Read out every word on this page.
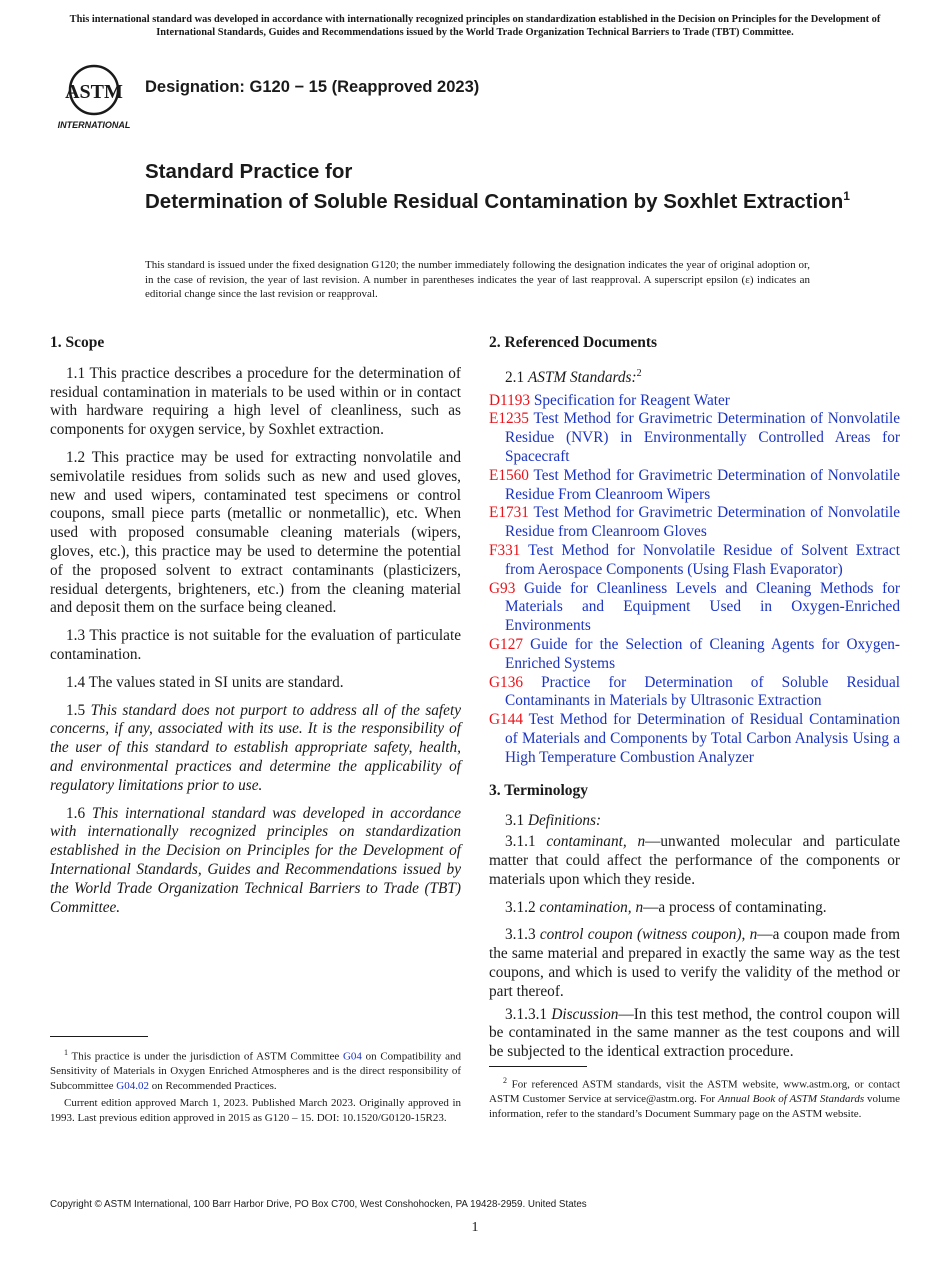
This international standard was developed in accordance with internationally recognized principles on standardization established in the Decision on Principles for the Development of International Standards, Guides and Recommendations issued by the World Trade Organization Technical Barriers to Trade (TBT) Committee.
ASTM
INTERNATIONAL
Designation: G120 − 15 (Reapproved 2023)
Standard Practice for
Determination of Soluble Residual Contamination by Soxhlet Extraction$^1$
This standard is issued under the fixed designation G120; the number immediately following the designation indicates the year of original adoption or, in the case of revision, the year of last revision. A number in parentheses indicates the year of last reapproval. A superscript epsilon (ε) indicates an editorial change since the last revision or reapproval.
1. Scope

1.1 This practice describes a procedure for the determination of residual contamination in materials to be used within or in contact with hardware requiring a high level of cleanliness, such as components for oxygen service, by Soxhlet extraction.

1.2 This practice may be used for extracting nonvolatile and semivolatile residues from solids such as new and used gloves, new and used wipers, contaminated test specimens or control coupons, small piece parts (metallic or nonmetallic), etc. When used with proposed consumable cleaning materials (wipers, gloves, etc.), this practice may be used to determine the potential of the proposed solvent to extract contaminants (plasticizers, residual detergents, brighteners, etc.) from the cleaning material and deposit them on the surface being cleaned.

1.3 This practice is not suitable for the evaluation of particulate contamination.

1.4 The values stated in SI units are standard.

1.5 This standard does not purport to address all of the safety concerns, if any, associated with its use. It is the responsibility of the user of this standard to establish appropriate safety, health, and environmental practices and determine the applicability of regulatory limitations prior to use.

1.6 This international standard was developed in accordance with internationally recognized principles on standardization established in the Decision on Principles for the Development of International Standards, Guides and Recommendations issued by the World Trade Organization Technical Barriers to Trade (TBT) Committee.

2. Referenced Documents
2.1 ASTM Standards:$^2$
D1193 Specification for Reagent Water
E1235 Test Method for Gravimetric Determination of Nonvolatile Residue (NVR) in Environmentally Controlled Areas for Spacecraft
E1560 Test Method for Gravimetric Determination of Nonvolatile Residue From Cleanroom Wipers
E1731 Test Method for Gravimetric Determination of Nonvolatile Residue from Cleanroom Gloves
F331 Test Method for Nonvolatile Residue of Solvent Extract from Aerospace Components (Using Flash Evaporator)
G93 Guide for Cleanliness Levels and Cleaning Methods for Materials and Equipment Used in Oxygen-Enriched Environments
G127 Guide for the Selection of Cleaning Agents for Oxygen-Enriched Systems
G136 Practice for Determination of Soluble Residual Contaminants in Materials by Ultrasonic Extraction
G144 Test Method for Determination of Residual Contamination of Materials and Components by Total Carbon Analysis Using a High Temperature Combustion Analyzer
3. Terminology
3.1 Definitions:

3.1.1 contaminant, n—unwanted molecular and particulate matter that could affect the performance of the components or materials upon which they reside.

3.1.2 contamination, n—a process of contaminating.

3.1.3 control coupon (witness coupon), n—a coupon made from the same material and prepared in exactly the same way as the test coupons, and which is used to verify the validity of the method or part thereof.

3.1.3.1 Discussion—In this test method, the control coupon will be contaminated in the same manner as the test coupons and will be subjected to the identical extraction procedure.

$^1$ This practice is under the jurisdiction of ASTM Committee G04 on Compatibility and Sensitivity of Materials in Oxygen Enriched Atmospheres and is the direct responsibility of Subcommittee G04.02 on Recommended Practices.

Current edition approved March 1, 2023. Published March 2023. Originally approved in 1993. Last previous edition approved in 2015 as G120 – 15. DOI: 10.1520/G0120-15R23.

$^2$ For referenced ASTM standards, visit the ASTM website, www.astm.org, or contact ASTM Customer Service at service@astm.org. For Annual Book of ASTM Standards volume information, refer to the standard’s Document Summary page on the ASTM website.

Copyright © ASTM International, 100 Barr Harbor Drive, PO Box C700, West Conshohocken, PA 19428-2959. United States
1
